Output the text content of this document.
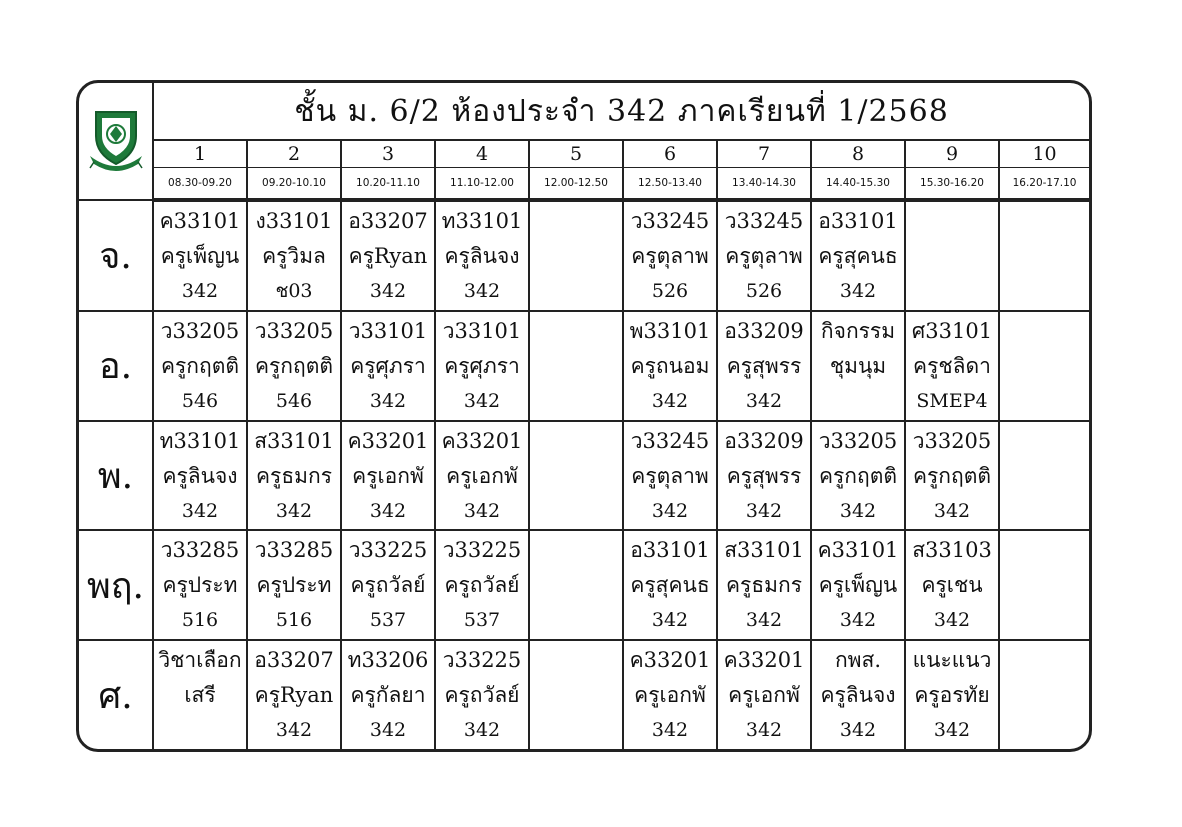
	ชั้น ม. 6/2 ห้องประจำ 342 ภาคเรียนที่ 1/2568									
	1	2	3	4	5	6	7	8	9	10
	08.30-09.20	09.20-10.10	10.20-11.10	11.10-12.00	12.00-12.50	12.50-13.40	13.40-14.30	14.40-15.30	15.30-16.20	16.20-17.10
จ.	ค33101
ครูเพ็ญน
342	ง33101
ครูวิมล
ช03	อ33207
ครูRyan
342	ท33101
ครูลินจง
342		ว33245
ครูตุลาพ
526	ว33245
ครูตุลาพ
526	อ33101
ครูสุคนธ
342		

อ.	ว33205
ครูกฤตติ
546	ว33205
ครูกฤตติ
546	ว33101
ครูศุภรา
342	ว33101
ครูศุภรา
342		พ33101
ครูถนอม
342	อ33209
ครูสุพรร
342	กิจกรรม
ชุมนุม	ศ33101
ครูชลิดา
SMEP4	

พ.	ท33101
ครูลินจง
342	ส33101
ครูธมกร
342	ค33201
ครูเอกพั
342	ค33201
ครูเอกพั
342		ว33245
ครูตุลาพ
342	อ33209
ครูสุพรร
342	ว33205
ครูกฤตติ
342	ว33205
ครูกฤตติ
342	

พฤ.	ว33285
ครูประท
516	ว33285
ครูประท
516	ว33225
ครูถวัลย์
537	ว33225
ครูถวัลย์
537		อ33101
ครูสุคนธ
342	ส33101
ครูธมกร
342	ค33101
ครูเพ็ญน
342	ส33103
ครูเชน
342	

ศ.	วิชาเลือก
เสรี	อ33207
ครูRyan
342	ท33206
ครูกัลยา
342	ว33225
ครูถวัลย์
342		ค33201
ครูเอกพั
342	ค33201
ครูเอกพั
342	กพส.
ครูลินจง
342	แนะแนว
ครูอรทัย
342	
